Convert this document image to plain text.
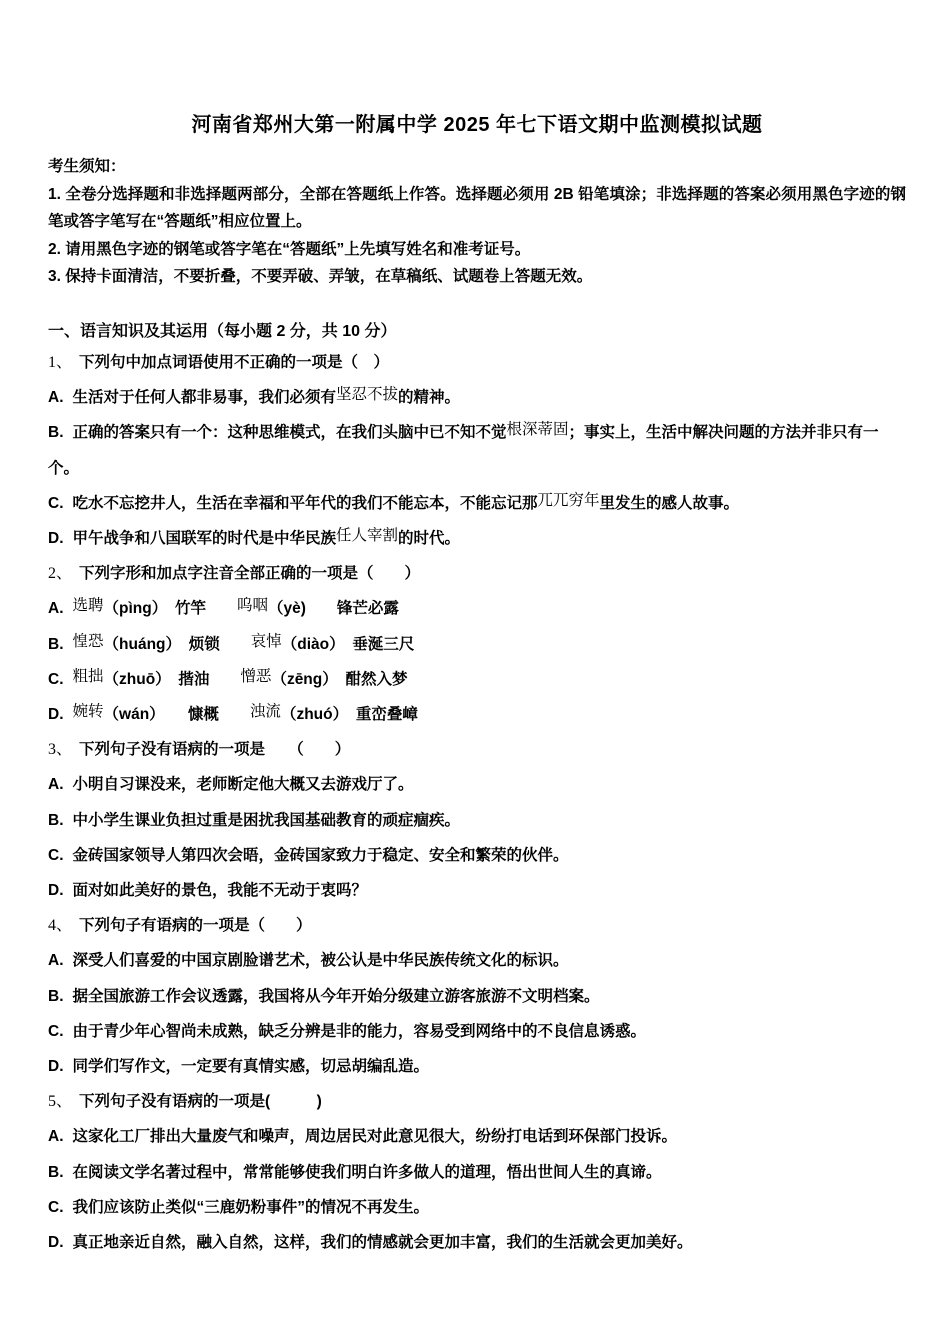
河南省郑州大第一附属中学 2025 年七下语文期中监测模拟试题

考生须知：

1. 全卷分选择题和非选择题两部分，全部在答题纸上作答。选择题必须用 2B 铅笔填涂；非选择题的答案必须用黑色字迹的钢笔或答字笔写在“答题纸”相应位置上。

2. 请用黑色字迹的钢笔或答字笔在“答题纸”上先填写姓名和准考证号。

3. 保持卡面清洁，不要折叠，不要弄破、弄皱，在草稿纸、试题卷上答题无效。

一、语言知识及其运用（每小题 2 分，共 10 分）

1、 下列句中加点词语使用不正确的一项是（　）

A. 生活对于任何人都非易事，我们必须有坚忍不拔的精神。

B. 正确的答案只有一个：这种思维模式，在我们头脑中已不知不觉根深蒂固；事实上，生活中解决问题的方法并非只有一个。

C. 吃水不忘挖井人，生活在幸福和平年代的我们不能忘本，不能忘记那兀兀穷年里发生的感人故事。

D. 甲午战争和八国联军的时代是中华民族任人宰割的时代。

2、 下列字形和加点字注音全部正确的一项是（　　）

A. 选聘（pìng）　竹竿　　呜咽（yè)　　锋芒必露

B. 惶恐（huáng）　烦锁　　哀悼（diào）　垂涎三尺

C. 粗拙（zhuō）　揩油　　憎恶（zēng）　酣然入梦

D. 婉转（wán）　　慷概　　浊流（zhuó）　重峦叠嶂

3、 下列句子没有语病的一项是　　（　　）

A. 小明自习课没来，老师断定他大概又去游戏厅了。

B. 中小学生课业负担过重是困扰我国基础教育的顽症痼疾。

C. 金砖国家领导人第四次会晤，金砖国家致力于稳定、安全和繁荣的伙伴。

D. 面对如此美好的景色，我能不无动于衷吗？

4、 下列句子有语病的一项是（　　）

A. 深受人们喜爱的中国京剧脸谱艺术，被公认是中华民族传统文化的标识。

B. 据全国旅游工作会议透露，我国将从今年开始分级建立游客旅游不文明档案。

C. 由于青少年心智尚未成熟，缺乏分辨是非的能力，容易受到网络中的不良信息诱惑。

D. 同学们写作文，一定要有真情实感，切忌胡编乱造。

5、 下列句子没有语病的一项是(　　　)

A. 这家化工厂排出大量废气和噪声，周边居民对此意见很大，纷纷打电话到环保部门投诉。

B. 在阅读文学名著过程中，常常能够使我们明白许多做人的道理，悟出世间人生的真谛。

C. 我们应该防止类似“三鹿奶粉事件”的情况不再发生。

D. 真正地亲近自然，融入自然，这样，我们的情感就会更加丰富，我们的生活就会更加美好。
